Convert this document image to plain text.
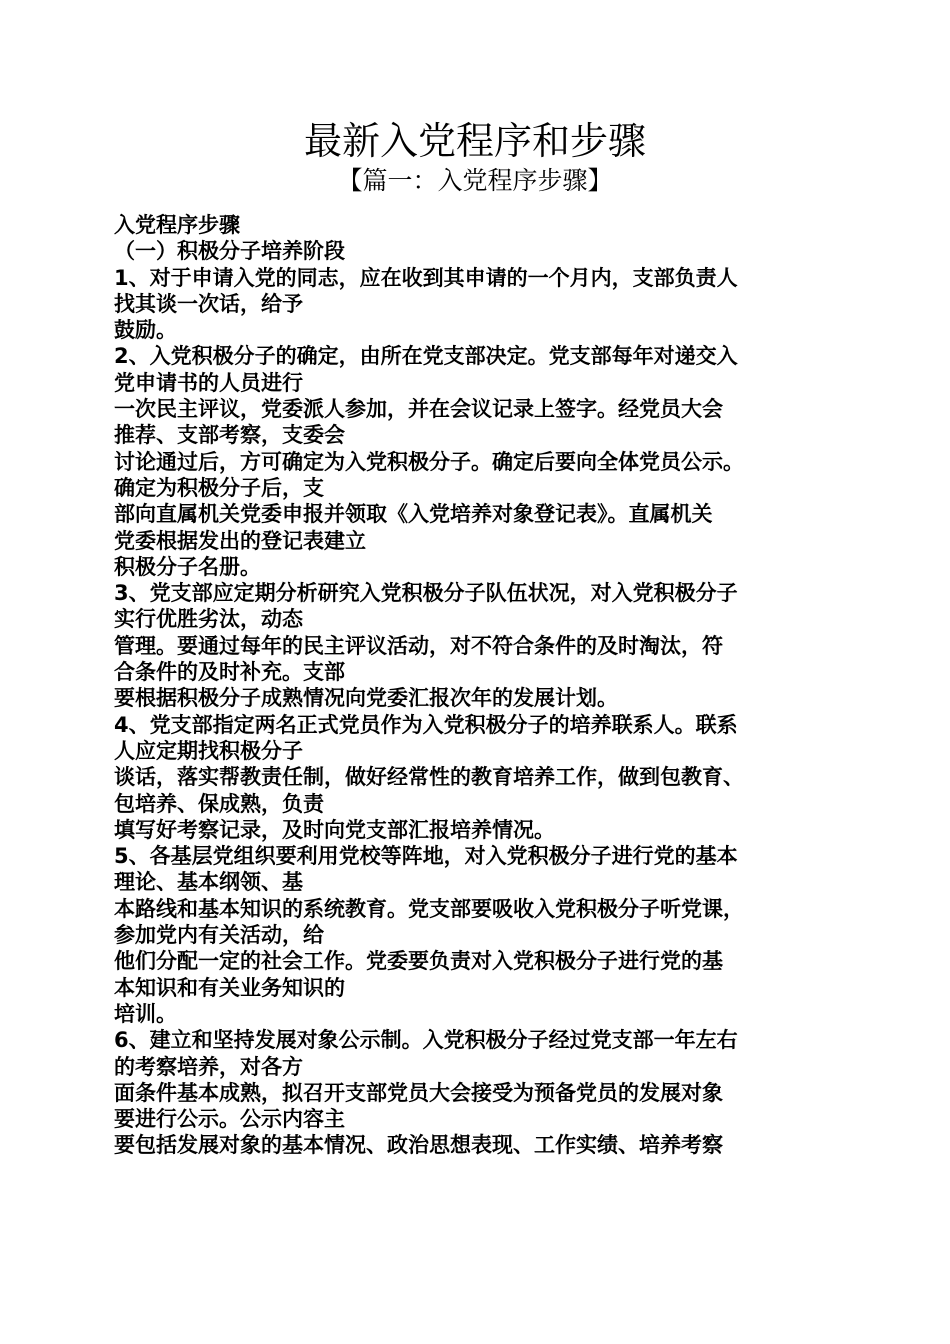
最新入党程序和步骤
【篇一：入党程序步骤】
入党程序步骤
（一）积极分子培养阶段
1、对于申请入党的同志，应在收到其申请的一个月内，支部负责人
找其谈一次话，给予
鼓励。
2、入党积极分子的确定，由所在党支部决定。党支部每年对递交入
党申请书的人员进行
一次民主评议，党委派人参加，并在会议记录上签字。经党员大会
推荐、支部考察，支委会
讨论通过后，方可确定为入党积极分子。确定后要向全体党员公示。
确定为积极分子后，支
部向直属机关党委申报并领取《入党培养对象登记表》。直属机关
党委根据发出的登记表建立
积极分子名册。
3、党支部应定期分析研究入党积极分子队伍状况，对入党积极分子
实行优胜劣汰，动态
管理。要通过每年的民主评议活动，对不符合条件的及时淘汰，符
合条件的及时补充。支部
要根据积极分子成熟情况向党委汇报次年的发展计划。
4、党支部指定两名正式党员作为入党积极分子的培养联系人。联系
人应定期找积极分子
谈话，落实帮教责任制，做好经常性的教育培养工作，做到包教育、
包培养、保成熟，负责
填写好考察记录，及时向党支部汇报培养情况。
5、各基层党组织要利用党校等阵地，对入党积极分子进行党的基本
理论、基本纲领、基
本路线和基本知识的系统教育。党支部要吸收入党积极分子听党课，
参加党内有关活动，给
他们分配一定的社会工作。党委要负责对入党积极分子进行党的基
本知识和有关业务知识的
培训。
6、建立和坚持发展对象公示制。入党积极分子经过党支部一年左右
的考察培养，对各方
面条件基本成熟，拟召开支部党员大会接受为预备党员的发展对象
要进行公示。公示内容主
要包括发展对象的基本情况、政治思想表现、工作实绩、培养考察
